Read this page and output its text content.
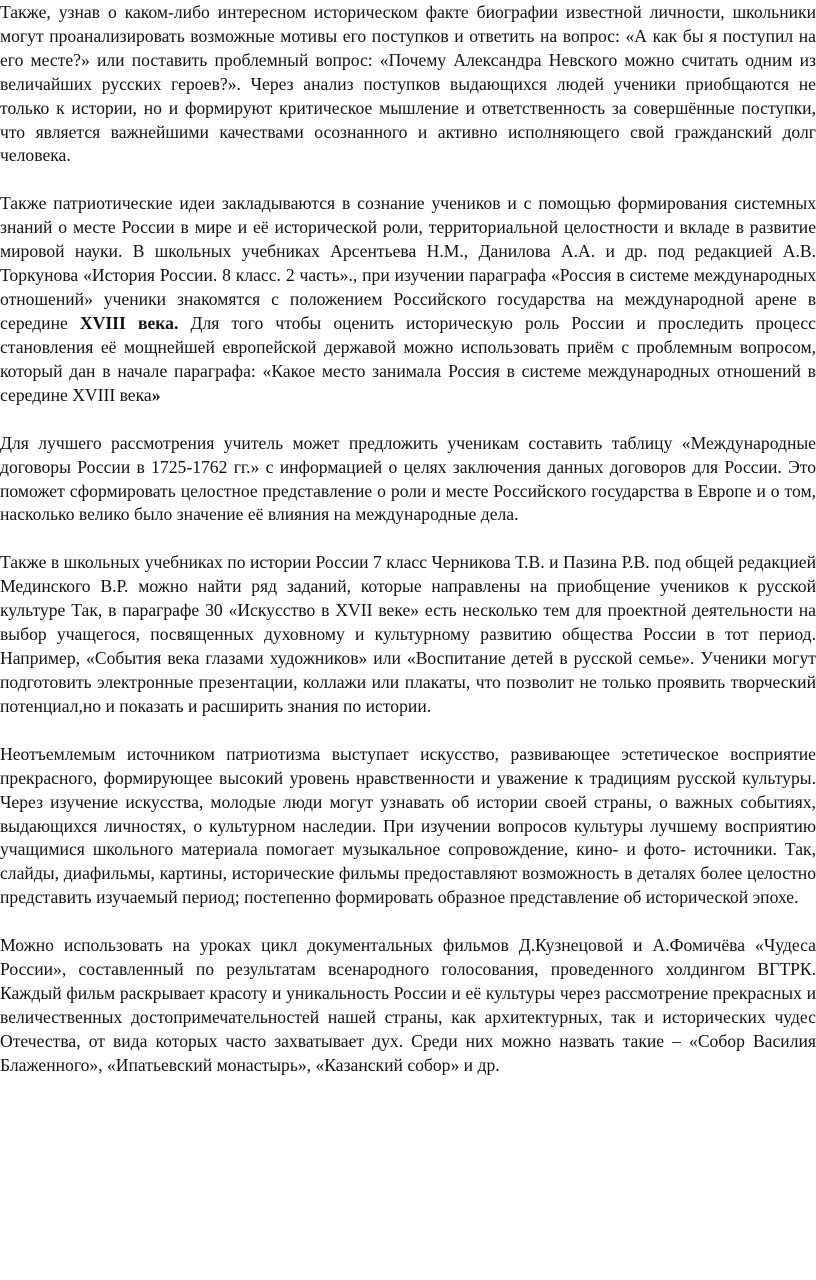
Также, узнав о каком-либо интересном историческом факте биографии известной личности, школьники могут проанализировать возможные мотивы его поступков и ответить на вопрос: «А как бы я поступил на его месте?» или поставить проблемный вопрос: «Почему Александра Невского можно считать одним из величайших русских героев?». Через анализ поступков выдающихся людей ученики приобщаются не только к истории, но и формируют критическое мышление и ответственность за совершённые поступки, что является важнейшими качествами осознанного и активно исполняющего свой гражданский долг человека.

Также патриотические идеи закладываются в сознание учеников и с помощью формирования системных знаний о месте России в мире и её исторической роли, территориальной целостности и вкладе в развитие мировой науки. В школьных учебниках Арсентьева Н.М., Данилова А.А. и др. под редакцией А.В. Торкунова «История России. 8 класс. 2 часть»., при изучении параграфа «Россия в системе международных отношений» ученики знакомятся с положением Российского государства на международной арене в середине XVIII века. Для того чтобы оценить историческую роль России и проследить процесс становления её мощнейшей европейской державой можно использовать приём с проблемным вопросом, который дан в начале параграфа: «Какое место занимала Россия в системе международных отношений в середине XVIII века»

Для лучшего рассмотрения учитель может предложить ученикам составить таблицу «Международные договоры России в 1725-1762 гг.» с информацией о целях заключения данных договоров для России. Это поможет сформировать целостное представление о роли и месте Российского государства в Европе и о том, насколько велико было значение её влияния на международные дела.

Также в школьных учебниках по истории России 7 класс Черникова Т.В. и Пазина Р.В. под общей редакцией Мединского В.Р. можно найти ряд заданий, которые направлены на приобщение учеников к русской культуре Так, в параграфе 30 «Искусство в XVII веке» есть несколько тем для проектной деятельности на выбор учащегося, посвященных духовному и культурному развитию общества России в тот период. Например, «События века глазами художников» или «Воспитание детей в русской семье». Ученики могут подготовить электронные презентации, коллажи или плакаты, что позволит не только проявить творческий потенциал,но и показать и расширить знания по истории.

Неотъемлемым источником патриотизма выступает искусство, развивающее эстетическое восприятие прекрасного, формирующее высокий уровень нравственности и уважение к традициям русской культуры. Через изучение искусства, молодые люди могут узнавать об истории своей страны, о важных событиях, выдающихся личностях, о культурном наследии. При изучении вопросов культуры лучшему восприятию учащимися школьного материала помогает музыкальное сопровождение, кино- и фото- источники. Так, слайды, диафильмы, картины, исторические фильмы предоставляют возможность в деталях более целостно представить изучаемый период; постепенно формировать образное представление об исторической эпохе.

Можно использовать на уроках цикл документальных фильмов Д.Кузнецовой и А.Фомичёва «Чудеса России», составленный по результатам всенародного голосования, проведенного холдингом ВГТРК. Каждый фильм раскрывает красоту и уникальность России и её культуры через рассмотрение прекрасных и величественных достопримечательностей нашей страны, как архитектурных, так и исторических чудес Отечества, от вида которых часто захватывает дух. Среди них можно назвать такие – «Собор Василия Блаженного», «Ипатьевский монастырь», «Казанский собор» и др.
